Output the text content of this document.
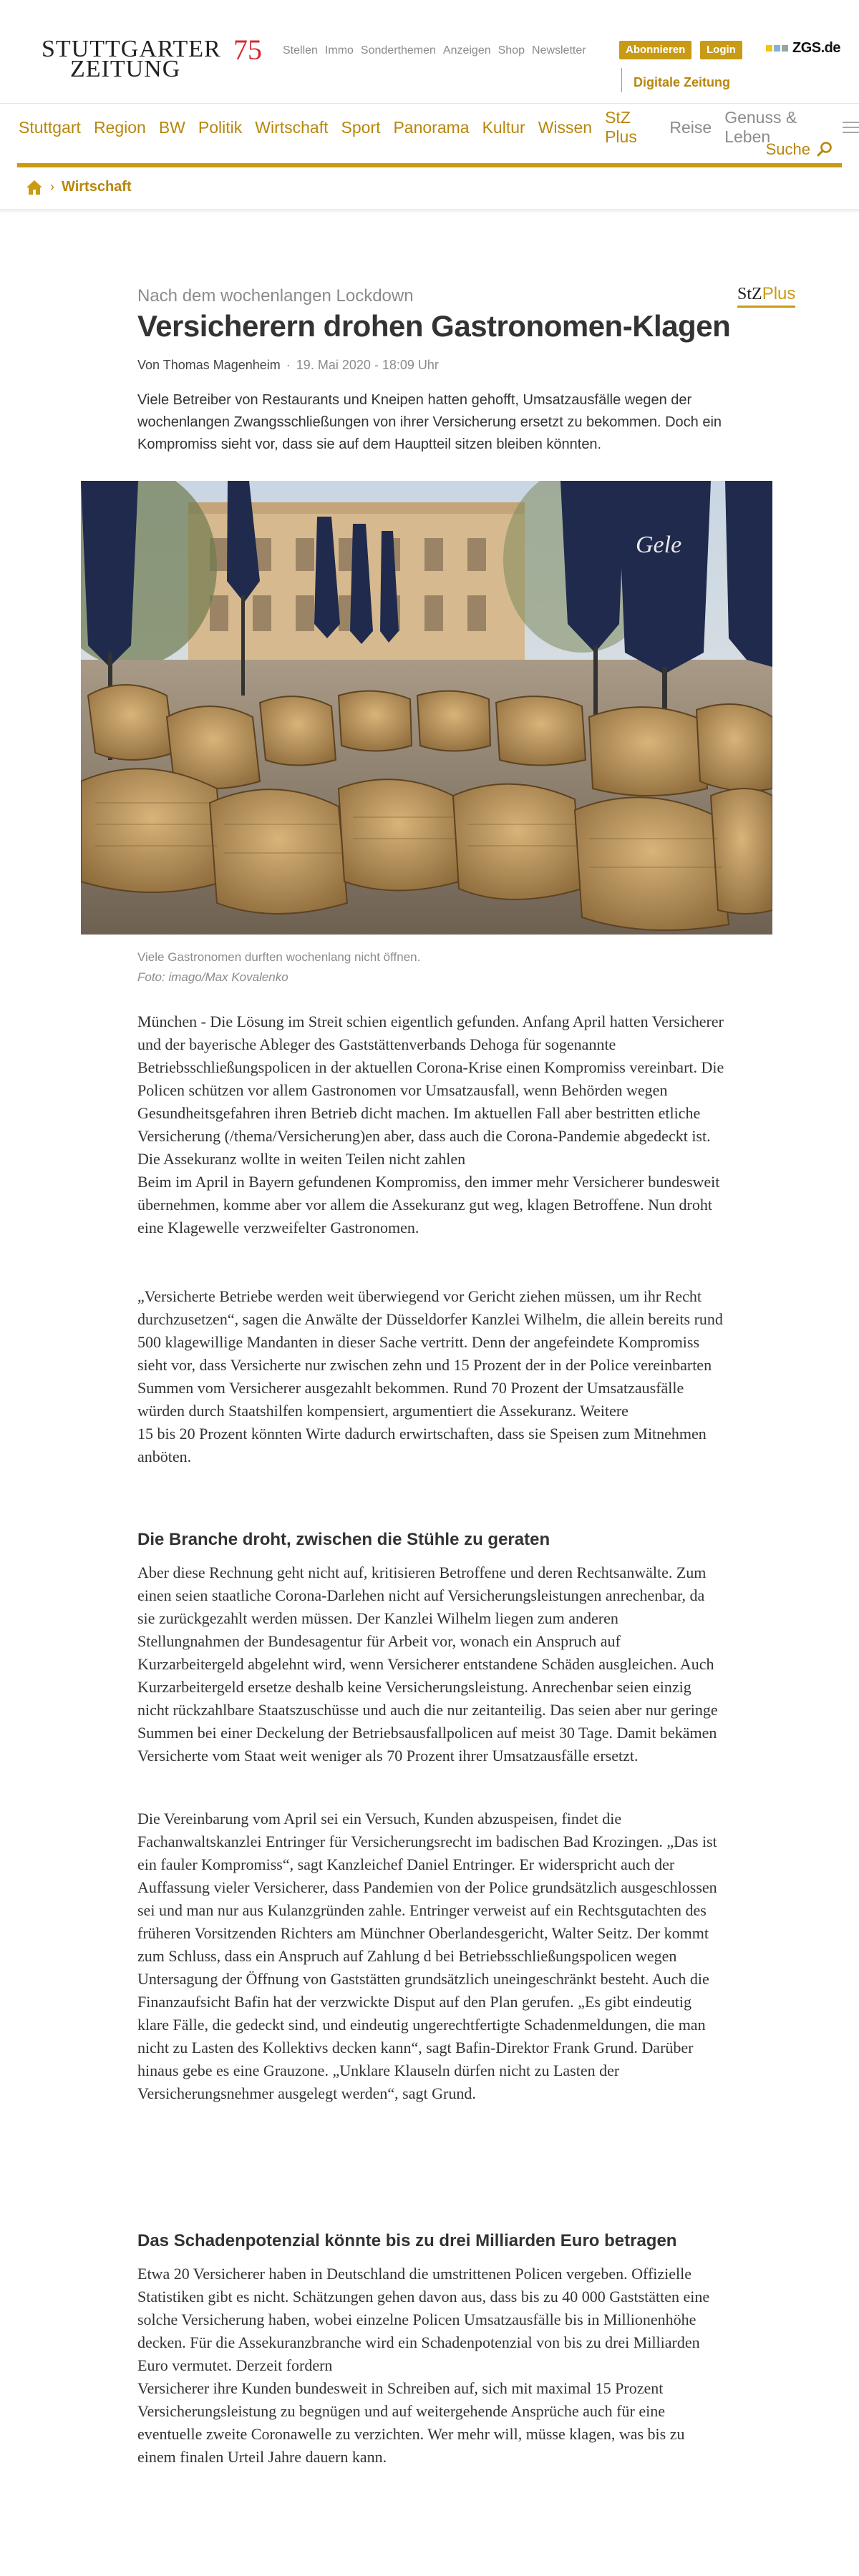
STUTTGARTER
ZEITUNG
75 Stellen Immo Sonderthemen Anzeigen Shop Newsletter	Abonnieren	Login
Digitale Zeitung
ZGS.de
Stuttgart Region BW Politik Wirtschaft Sport Panorama Kultur Wissen
StZ Plus
Reise
Genuss & Leben
Suche
› Wirtschaft
Nach dem wochenlangen Lockdown	StZPlus
Versicherern drohen Gastronomen-Klagen
Von Thomas Magenheim · 19. Mai 2020 - 18:09 Uhr

Viele Betreiber von Restaurants und Kneipen hatten gehofft, Umsatzausfälle wegen der wochenlangen Zwangsschließungen von ihrer Versicherung ersetzt zu bekommen. Doch ein Kompromiss sieht vor, dass sie auf dem Hauptteil sitzen bleiben könnten.

Gele
Viele Gastronomen durften wochenlang nicht öffnen.
Foto: imago/Max Kovalenko

München - Die Lösung im Streit schien eigentlich gefunden. Anfang April hatten Versicherer und der bayerische Ableger des Gaststättenverbands Dehoga für sogenannte Betriebsschließungspolicen in der aktuellen Corona-Krise einen Kompromiss vereinbart. Die Policen schützen vor allem Gastronomen vor Umsatzausfall, wenn Behörden wegen Gesundheitsgefahren ihren Betrieb dicht machen. Im aktuellen Fall aber bestritten etliche Versicherung (/thema/Versicherung)en aber, dass auch die Corona-Pandemie abgedeckt ist. Die Assekuranz wollte in weiten Teilen nicht zahlen
Beim im April in Bayern gefundenen Kompromiss, den immer mehr Versicherer bundesweit übernehmen, komme aber vor allem die Assekuranz gut weg, klagen Betroffene. Nun droht eine Klagewelle verzweifelter Gastronomen.

„Versicherte Betriebe werden weit überwiegend vor Gericht ziehen müssen, um ihr Recht durchzusetzen“, sagen die Anwälte der Düsseldorfer Kanzlei Wilhelm, die allein bereits rund 500 klagewillige Mandanten in dieser Sache vertritt. Denn der angefeindete Kompromiss sieht vor, dass Versicherte nur zwischen zehn und 15 Prozent der in der Police vereinbarten Summen vom Versicherer ausgezahlt bekommen. Rund 70 Prozent der Umsatzausfälle würden durch Staatshilfen kompensiert, argumentiert die Assekuranz. Weitere
15 bis 20 Prozent könnten Wirte dadurch erwirtschaften, dass sie Speisen zum Mitnehmen anböten.

Die Branche droht, zwischen die Stühle zu geraten

Aber diese Rechnung geht nicht auf, kritisieren Betroffene und deren Rechtsanwälte. Zum einen seien staatliche Corona-Darlehen nicht auf Versicherungsleistungen anrechenbar, da sie zurückgezahlt werden müssen. Der Kanzlei Wilhelm liegen zum anderen Stellungnahmen der Bundesagentur für Arbeit vor, wonach ein Anspruch auf Kurzarbeitergeld abgelehnt wird, wenn Versicherer entstandene Schäden ausgleichen. Auch Kurzarbeitergeld ersetze deshalb keine Versicherungsleistung. Anrechenbar seien einzig nicht rückzahlbare Staatszuschüsse und auch die nur zeitanteilig. Das seien aber nur geringe Summen bei einer Deckelung der Betriebsausfallpolicen auf meist 30 Tage. Damit bekämen Versicherte vom Staat weit weniger als 70 Prozent ihrer Umsatzausfälle ersetzt.

Die Vereinbarung vom April sei ein Versuch, Kunden abzuspeisen, findet die Fachanwaltskanzlei Entringer für Versicherungsrecht im badischen Bad Krozingen. „Das ist ein fauler Kompromiss“, sagt Kanzleichef Daniel Entringer. Er widerspricht auch der Auffassung vieler Versicherer, dass Pandemien von der Police grundsätzlich ausgeschlossen sei und man nur aus Kulanzgründen zahle. Entringer verweist auf ein Rechtsgutachten des früheren Vorsitzenden Richters am Münchner Oberlandesgericht, Walter Seitz. Der kommt zum Schluss, dass ein Anspruch auf Zahlung d bei Betriebsschließungspolicen wegen Untersagung der Öffnung von Gaststätten grundsätzlich uneingeschränkt besteht. Auch die Finanzaufsicht Bafin hat der verzwickte Disput auf den Plan gerufen. „Es gibt eindeutig klare Fälle, die gedeckt sind, und eindeutig ungerechtfertigte Schadenmeldungen, die man nicht zu Lasten des Kollektivs decken kann“, sagt Bafin-Direktor Frank Grund. Darüber hinaus gebe es eine Grauzone. „Unklare Klauseln dürfen nicht zu Lasten der Versicherungsnehmer ausgelegt werden“, sagt Grund.

Das Schadenpotenzial könnte bis zu drei Milliarden Euro betragen

Etwa 20 Versicherer haben in Deutschland die umstrittenen Policen vergeben. Offizielle Statistiken gibt es nicht. Schätzungen gehen davon aus, dass bis zu 40 000 Gaststätten eine solche Versicherung haben, wobei einzelne Policen Umsatzausfälle bis in Millionenhöhe decken. Für die Assekuranzbranche wird ein Schadenpotenzial von bis zu drei Milliarden Euro vermutet. Derzeit fordern
Versicherer ihre Kunden bundesweit in Schreiben auf, sich mit maximal 15 Prozent Versicherungsleistung zu begnügen und auf weitergehende Ansprüche auch für eine eventuelle zweite Coronawelle zu verzichten. Wer mehr will, müsse klagen, was bis zu einem finalen Urteil Jahre dauern kann.
